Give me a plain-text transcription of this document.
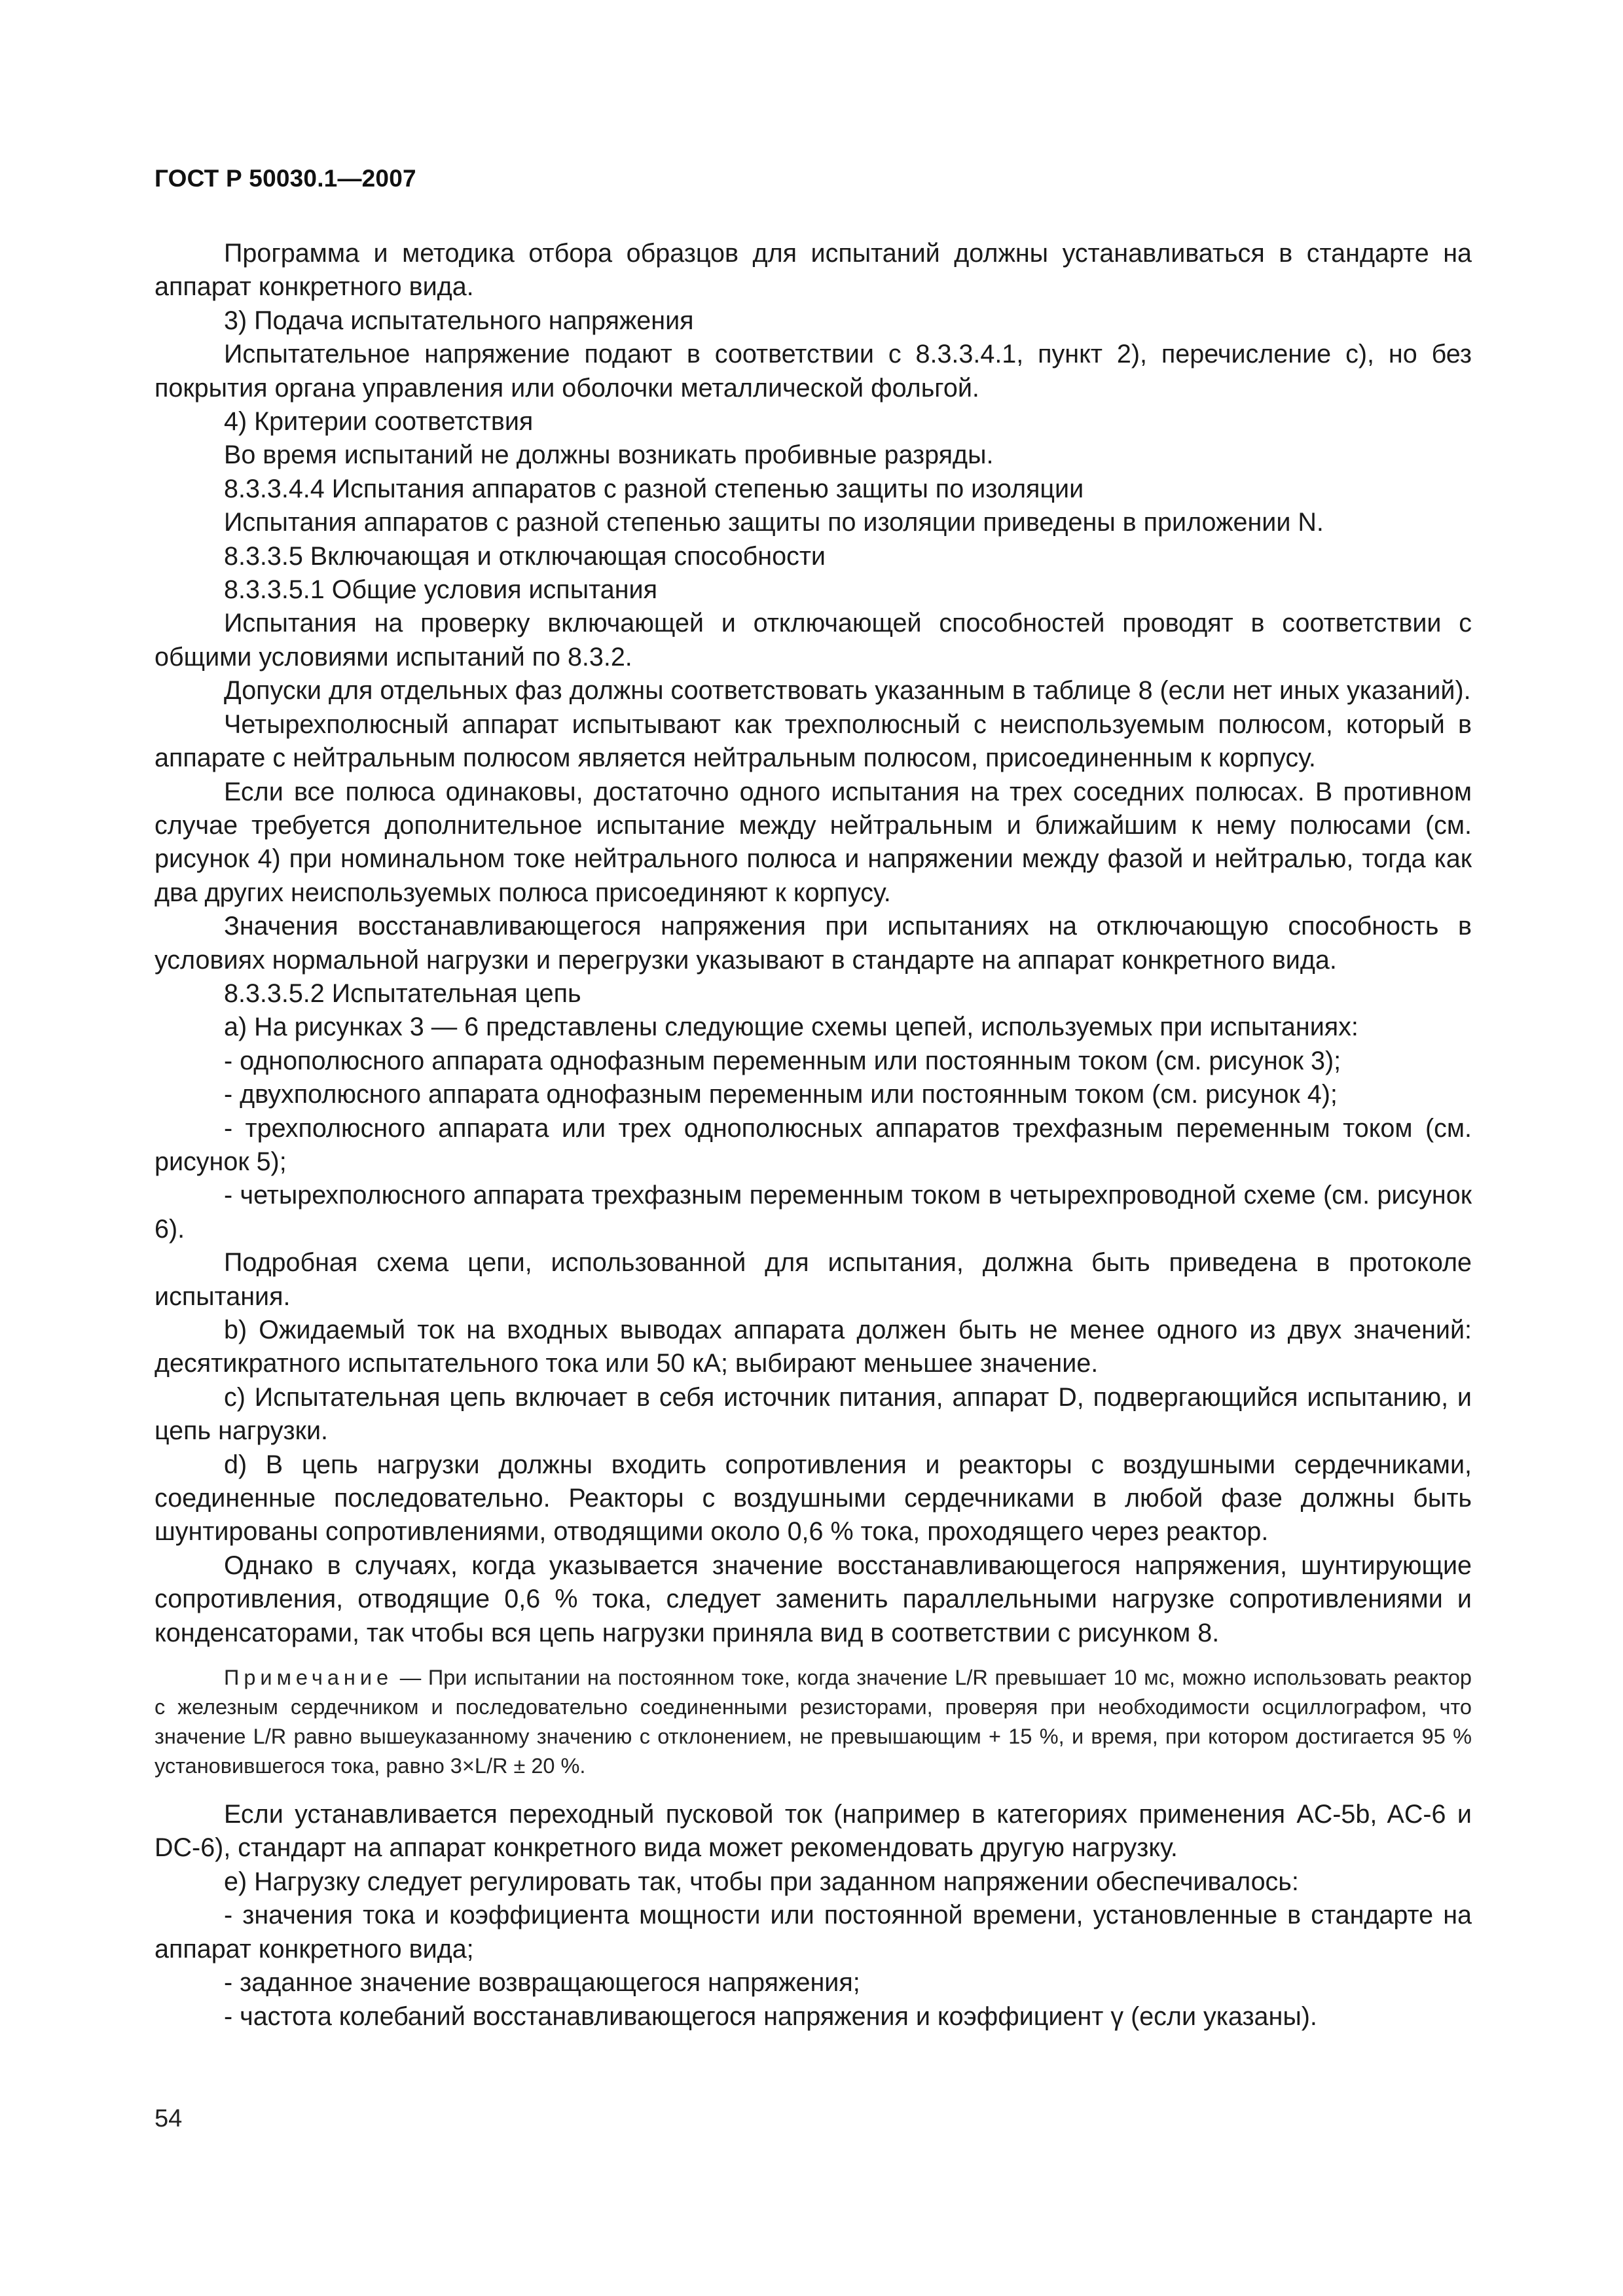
ГОСТ Р 50030.1—2007

Программа и методика отбора образцов для испытаний должны устанавливаться в стандарте на аппарат конкретного вида.

3) Подача испытательного напряжения

Испытательное напряжение подают в соответствии с 8.3.3.4.1, пункт 2), перечисление с), но без покрытия органа управления или оболочки металлической фольгой.

4) Критерии соответствия

Во время испытаний не должны возникать пробивные разряды.

8.3.3.4.4 Испытания аппаратов с разной степенью защиты по изоляции

Испытания аппаратов с разной степенью защиты по изоляции приведены в приложении N.

8.3.3.5 Включающая и отключающая способности

8.3.3.5.1 Общие условия испытания

Испытания на проверку включающей и отключающей способностей проводят в соответствии с общими условиями испытаний по 8.3.2.

Допуски для отдельных фаз должны соответствовать указанным в таблице 8 (если нет иных указаний).

Четырехполюсный аппарат испытывают как трехполюсный с неиспользуемым полюсом, который в аппарате с нейтральным полюсом является нейтральным полюсом, присоединенным к корпусу.

Если все полюса одинаковы, достаточно одного испытания на трех соседних полюсах. В противном случае требуется дополнительное испытание между нейтральным и ближайшим к нему полюсами (см. рисунок 4) при номинальном токе нейтрального полюса и напряжении между фазой и нейтралью, тогда как два других неиспользуемых полюса присоединяют к корпусу.

Значения восстанавливающегося напряжения при испытаниях на отключающую способность в условиях нормальной нагрузки и перегрузки указывают в стандарте на аппарат конкретного вида.

8.3.3.5.2 Испытательная цепь

а) На рисунках 3 — 6 представлены следующие схемы цепей, используемых при испытаниях:

- однополюсного аппарата однофазным переменным или постоянным током (см. рисунок 3);

- двухполюсного аппарата однофазным переменным или постоянным током (см. рисунок 4);

- трехполюсного аппарата или трех однополюсных аппаратов трехфазным переменным током (см. рисунок 5);

- четырехполюсного аппарата трехфазным переменным током в четырехпроводной схеме (см. рисунок 6).

Подробная схема цепи, использованной для испытания, должна быть приведена в протоколе испытания.

b) Ожидаемый ток на входных выводах аппарата должен быть не менее одного из двух значений: десятикратного испытательного тока или 50 кА; выбирают меньшее значение.

c) Испытательная цепь включает в себя источник питания, аппарат D, подвергающийся испытанию, и цепь нагрузки.

d) В цепь нагрузки должны входить сопротивления и реакторы с воздушными сердечниками, соединенные последовательно. Реакторы с воздушными сердечниками в любой фазе должны быть шунтированы сопротивлениями, отводящими около 0,6 % тока, проходящего через реактор.

Однако в случаях, когда указывается значение восстанавливающегося напряжения, шунтирующие сопротивления, отводящие 0,6 % тока, следует заменить параллельными нагрузке сопротивлениями и конденсаторами, так чтобы вся цепь нагрузки приняла вид в соответствии с рисунком 8.

Примечание — При испытании на постоянном токе, когда значение L/R превышает 10 мс, можно использовать реактор с железным сердечником и последовательно соединенными резисторами, проверяя при необходимости осциллографом, что значение L/R равно вышеуказанному значению с отклонением, не превышающим + 15 %, и время, при котором достигается 95 % установившегося тока, равно 3×L/R ± 20 %.

Если устанавливается переходный пусковой ток (например в категориях применения AC-5b, AC-6 и DC-6), стандарт на аппарат конкретного вида может рекомендовать другую нагрузку.

е) Нагрузку следует регулировать так, чтобы при заданном напряжении обеспечивалось:

- значения тока и коэффициента мощности или постоянной времени, установленные в стандарте на аппарат конкретного вида;

- заданное значение возвращающегося напряжения;

- частота колебаний восстанавливающегося напряжения и коэффициент γ (если указаны).

54
